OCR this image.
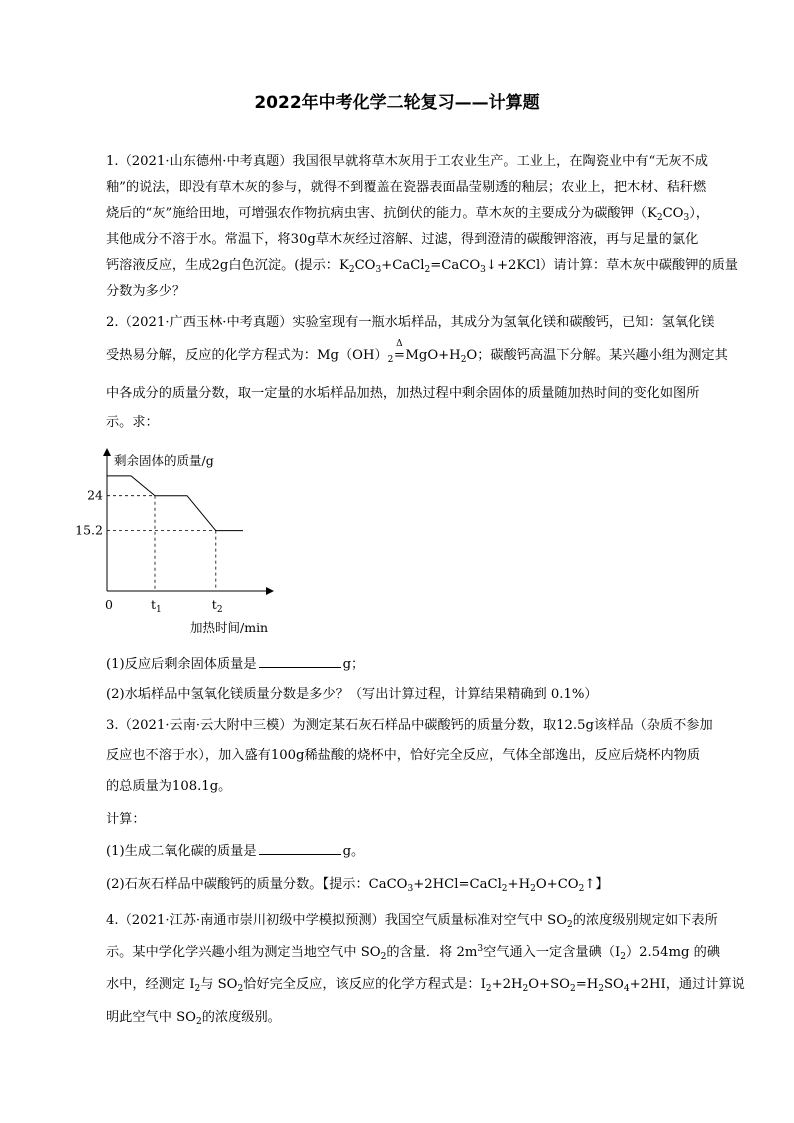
2022年中考化学二轮复习——计算题
1.（2021·山东德州·中考真题）我国很早就将草木灰用于工农业生产。工业上，在陶瓷业中有“无灰不成
釉”的说法，即没有草木灰的参与，就得不到覆盖在瓷器表面晶莹剔透的釉层；农业上，把木材、秸秆燃
烧后的“灰”施给田地，可增强农作物抗病虫害、抗倒伏的能力。草木灰的主要成分为碳酸钾$(K_2CO_3)$，
其他成分不溶于水。常温下，将30g草木灰经过溶解、过滤，得到澄清的碳酸钾溶液，再与足量的氯化
钙溶液反应，生成2g白色沉淀。(提示：$K_2CO_3+CaCl_2=CaCO_3↓+2KCl$）请计算：草木灰中碳酸钾的质量
分数为多少？
2.（2021·广西玉林·中考真题）实验室现有一瓶水垢样品，其成分为氢氧化镁和碳酸钙，已知：氢氧化镁
受热易分解，反应的化学方程式为：$Mg(OH)_2$
Δ
$=MgO+H_2O$；碳酸钙高温下分解。某兴趣小组为测定其
中各成分的质量分数，取一定量的水垢样品加热，加热过程中剩余固体的质量随加热时间的变化如图所
示。求：
剩余固体的质量/g
加热时间/min
0
24
$t_1$
15.2
$t_2$
(1)反应后剩余固体质量是	g；
(2)水垢样品中氢氧化镁质量分数是多少？（写出计算过程，计算结果精确到 0.1%）
3.（2021·云南·云大附中三模）为测定某石灰石样品中碳酸钙的质量分数，取12.5g该样品（杂质不参加
反应也不溶于水），加入盛有100g稀盐酸的烧杯中，恰好完全反应，气体全部逸出，反应后烧杯内物质
的总质量为108.1g。
计算：
(1)生成二氧化碳的质量是	g。
(2)石灰石样品中碳酸钙的质量分数。【提示：$CaCO_3+2HCl=CaCl_2+H_2O+CO_2↑$】
4.（2021·江苏·南通市崇川初级中学模拟预测）我国空气质量标准对空气中 $SO_2$的浓度级别规定如下表所
示。某中学化学兴趣小组为测定当地空气中 $SO_2$的含量．将 $2m^3$空气通入一定含量碘$(I_2)2.54mg$ 的碘
水中，经测定 $I_2$与 $SO_2$恰好完全反应，该反应的化学方程式是：$I_2+2H_2O+SO_2=H_2SO_4+2HI$，通过计算说
明此空气中 $SO_2$的浓度级别。
